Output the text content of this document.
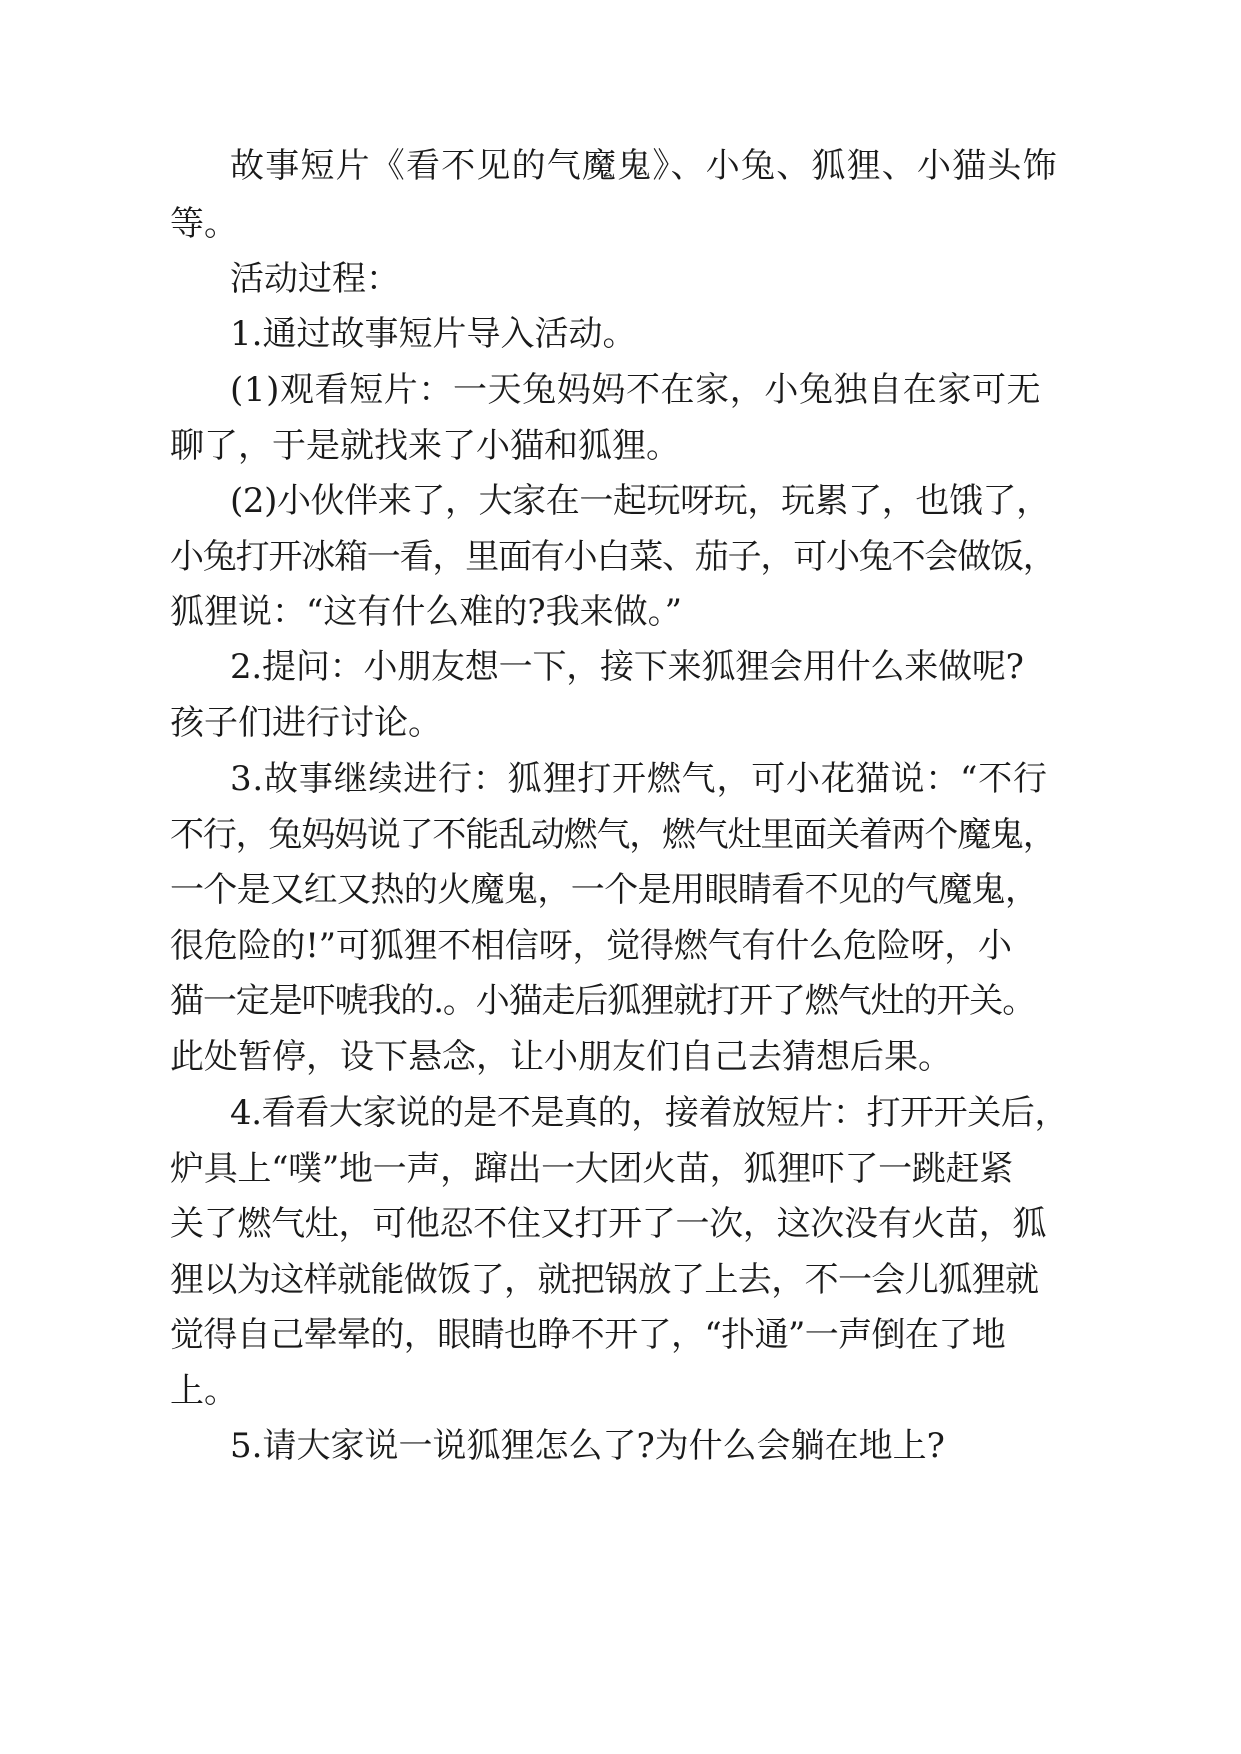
故事短片《看不见的气魔鬼》、小兔、狐狸、小猫头饰
等。
活动过程：
1.通过故事短片导入活动。
(1)观看短片：一天兔妈妈不在家，小兔独自在家可无
聊了，于是就找来了小猫和狐狸。
(2)小伙伴来了，大家在一起玩呀玩，玩累了，也饿了，
小兔打开冰箱一看，里面有小白菜、茄子，可小兔不会做饭，
狐狸说：“这有什么难的?我来做。”
2.提问：小朋友想一下，接下来狐狸会用什么来做呢?
孩子们进行讨论。
3.故事继续进行：狐狸打开燃气，可小花猫说：“不行
不行，兔妈妈说了不能乱动燃气，燃气灶里面关着两个魔鬼，
一个是又红又热的火魔鬼，一个是用眼睛看不见的气魔鬼，
很危险的!”可狐狸不相信呀，觉得燃气有什么危险呀，小
猫一定是吓唬我的.。小猫走后狐狸就打开了燃气灶的开关。
此处暂停，设下悬念，让小朋友们自己去猜想后果。
4.看看大家说的是不是真的，接着放短片：打开开关后，
炉具上“噗”地一声，蹿出一大团火苗，狐狸吓了一跳赶紧
关了燃气灶，可他忍不住又打开了一次，这次没有火苗，狐
狸以为这样就能做饭了，就把锅放了上去，不一会儿狐狸就
觉得自己晕晕的，眼睛也睁不开了，“扑通”一声倒在了地
上。
5.请大家说一说狐狸怎么了?为什么会躺在地上?
